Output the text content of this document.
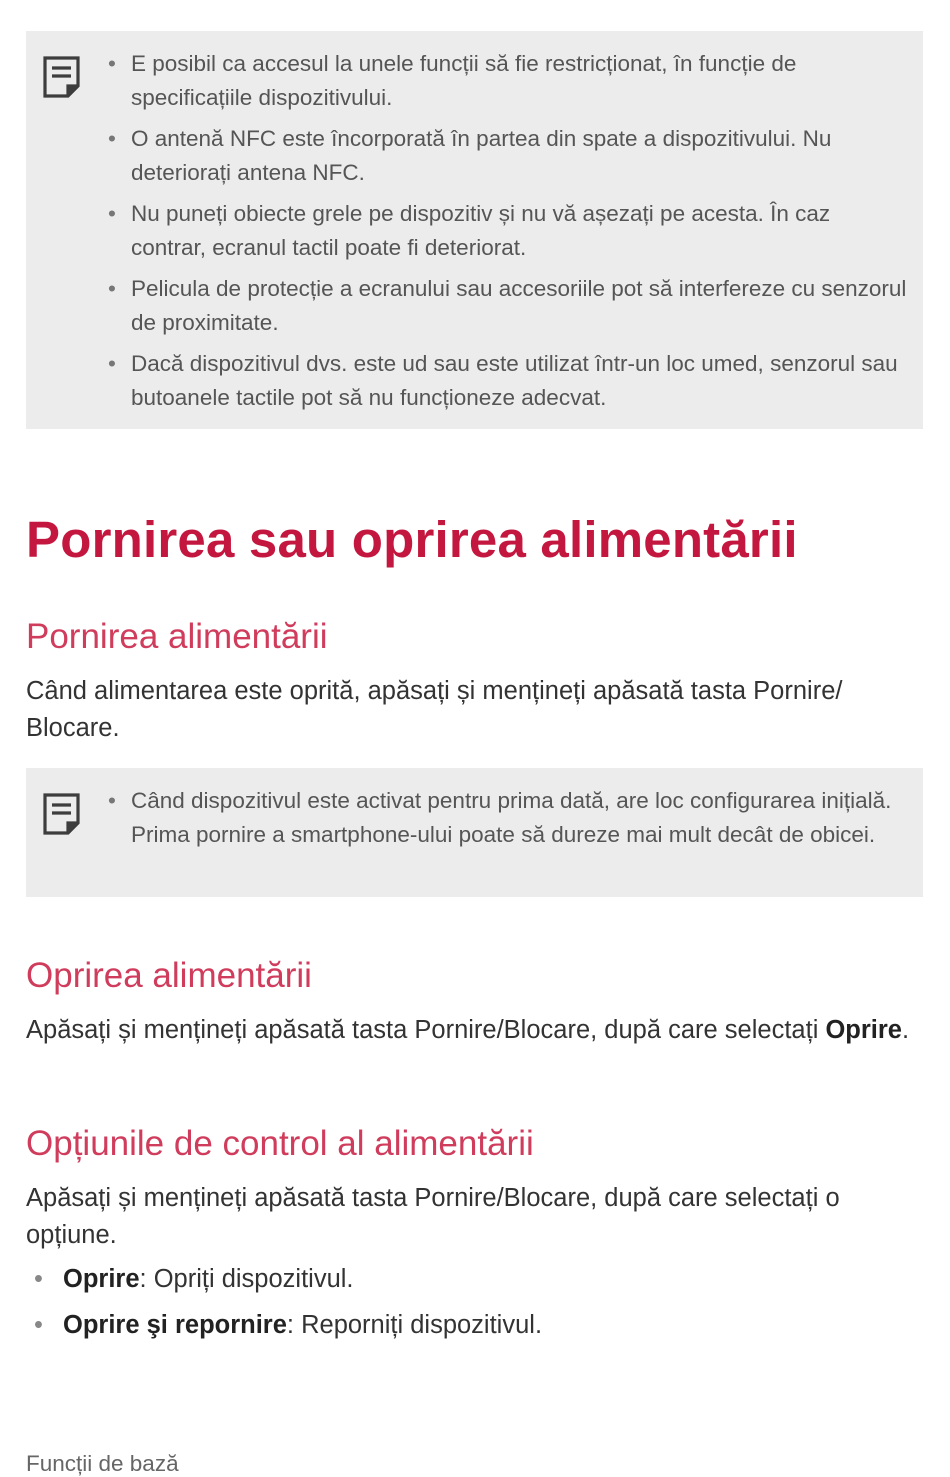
• E posibil ca accesul la unele funcții să fie restricționat, în funcție de specificațiile dispozitivului.
• O antenă NFC este încorporată în partea din spate a dispozitivului. Nu deteriorați antena NFC.
• Nu puneți obiecte grele pe dispozitiv și nu vă așezați pe acesta. În caz contrar, ecranul tactil poate fi deteriorat.
• Pelicula de protecție a ecranului sau accesoriile pot să interfereze cu senzorul de proximitate.
• Dacă dispozitivul dvs. este ud sau este utilizat într-un loc umed, senzorul sau butoanele tactile pot să nu funcționeze adecvat.
Pornirea sau oprirea alimentării
Pornirea alimentării

Când alimentarea este oprită, apăsați și mențineți apăsată tasta Pornire/ Blocare.

• Când dispozitivul este activat pentru prima dată, are loc configurarea inițială. Prima pornire a smartphone-ului poate să dureze mai mult decât de obicei.
Oprirea alimentării

Apăsați și mențineți apăsată tasta Pornire/Blocare, după care selectați Oprire.

Opțiunile de control al alimentării

Apăsați și mențineți apăsată tasta Pornire/Blocare, după care selectați o opțiune.

• Oprire: Opriți dispozitivul.
• Oprire şi repornire: Reporniți dispozitivul.
Funcții de bază
